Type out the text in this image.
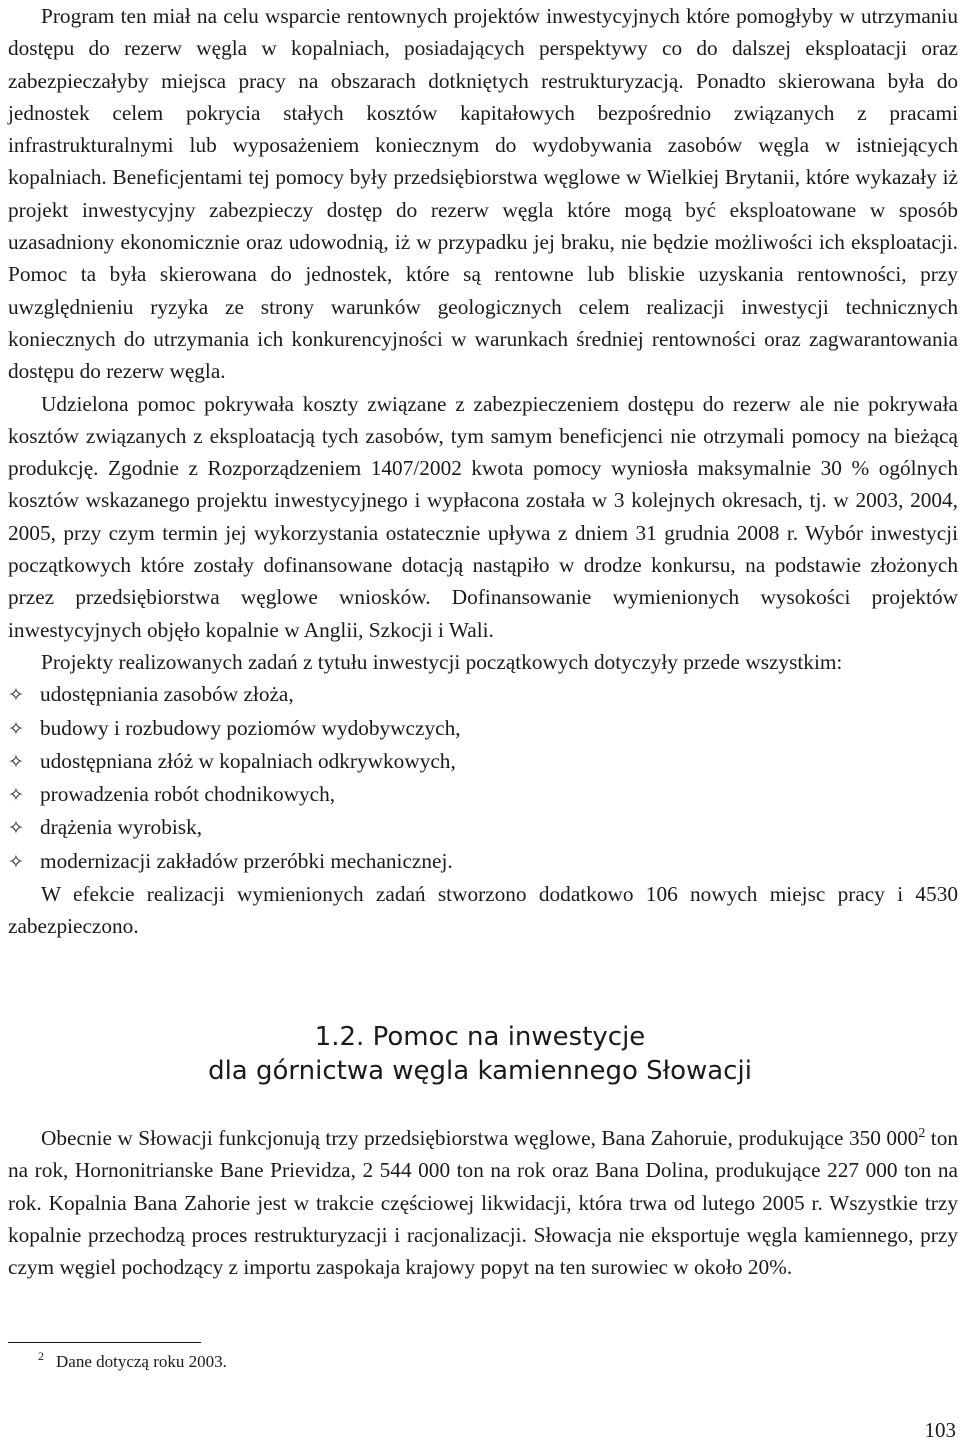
Program ten miał na celu wsparcie rentownych projektów inwestycyjnych które pomogłyby w utrzymaniu dostępu do rezerw węgla w kopalniach, posiadających perspektywy co do dalszej eksploatacji oraz zabezpieczałyby miejsca pracy na obszarach dotkniętych restrukturyzacją. Ponadto skierowana była do jednostek celem pokrycia stałych kosztów kapitałowych bezpośrednio związanych z pracami infrastrukturalnymi lub wyposażeniem koniecznym do wydobywania zasobów węgla w istniejących kopalniach. Beneficjentami tej pomocy były przedsiębiorstwa węglowe w Wielkiej Brytanii, które wykazały iż projekt inwestycyjny zabezpieczy dostęp do rezerw węgla które mogą być eksploatowane w sposób uzasadniony ekonomicznie oraz udowodnią, iż w przypadku jej braku, nie będzie możliwości ich eksploatacji. Pomoc ta była skierowana do jednostek, które są rentowne lub bliskie uzyskania rentowności, przy uwzględnieniu ryzyka ze strony warunków geologicznych celem realizacji inwestycji technicznych koniecznych do utrzymania ich konkurencyjności w warunkach średniej rentowności oraz zagwarantowania dostępu do rezerw węgla.

Udzielona pomoc pokrywała koszty związane z zabezpieczeniem dostępu do rezerw ale nie pokrywała kosztów związanych z eksploatacją tych zasobów, tym samym beneficjenci nie otrzymali pomocy na bieżącą produkcję. Zgodnie z Rozporządzeniem 1407/2002 kwota pomocy wyniosła maksymalnie 30 % ogólnych kosztów wskazanego projektu inwestycyjnego i wypłacona została w 3 kolejnych okresach, tj. w 2003, 2004, 2005, przy czym termin jej wykorzystania ostatecznie upływa z dniem 31 grudnia 2008 r. Wybór inwestycji początkowych które zostały dofinansowane dotacją nastąpiło w drodze konkursu, na podstawie złożonych przez przedsiębiorstwa węglowe wniosków. Dofinansowanie wymienionych wysokości projektów inwestycyjnych objęło kopalnie w Anglii, Szkocji i Wali.

Projekty realizowanych zadań z tytułu inwestycji początkowych dotyczyły przede wszystkim:

✧ udostępniania zasobów złoża,
✧ budowy i rozbudowy poziomów wydobywczych,
✧ udostępniana złóż w kopalniach odkrywkowych,
✧ prowadzenia robót chodnikowych,
✧ drążenia wyrobisk,
✧ modernizacji zakładów przeróbki mechanicznej.

W efekcie realizacji wymienionych zadań stworzono dodatkowo 106 nowych miejsc pracy i 4530 zabezpieczono.

1.2. Pomoc na inwestycje
dla górnictwa węgla kamiennego Słowacji

Obecnie w Słowacji funkcjonują trzy przedsiębiorstwa węglowe, Bana Zahoruie, produkujące 350 000$^2$ ton na rok, Hornonitrianske Bane Prievidza, 2 544 000 ton na rok oraz Bana Dolina, produkujące 227 000 ton na rok. Kopalnia Bana Zahorie jest w trakcie częściowej likwidacji, która trwa od lutego 2005 r. Wszystkie trzy kopalnie przechodzą proces restrukturyzacji i racjonalizacji. Słowacja nie eksportuje węgla kamiennego, przy czym węgiel pochodzący z importu zaspokaja krajowy popyt na ten surowiec w około 20%.

$^2$ Dane dotyczą roku 2003.
103
